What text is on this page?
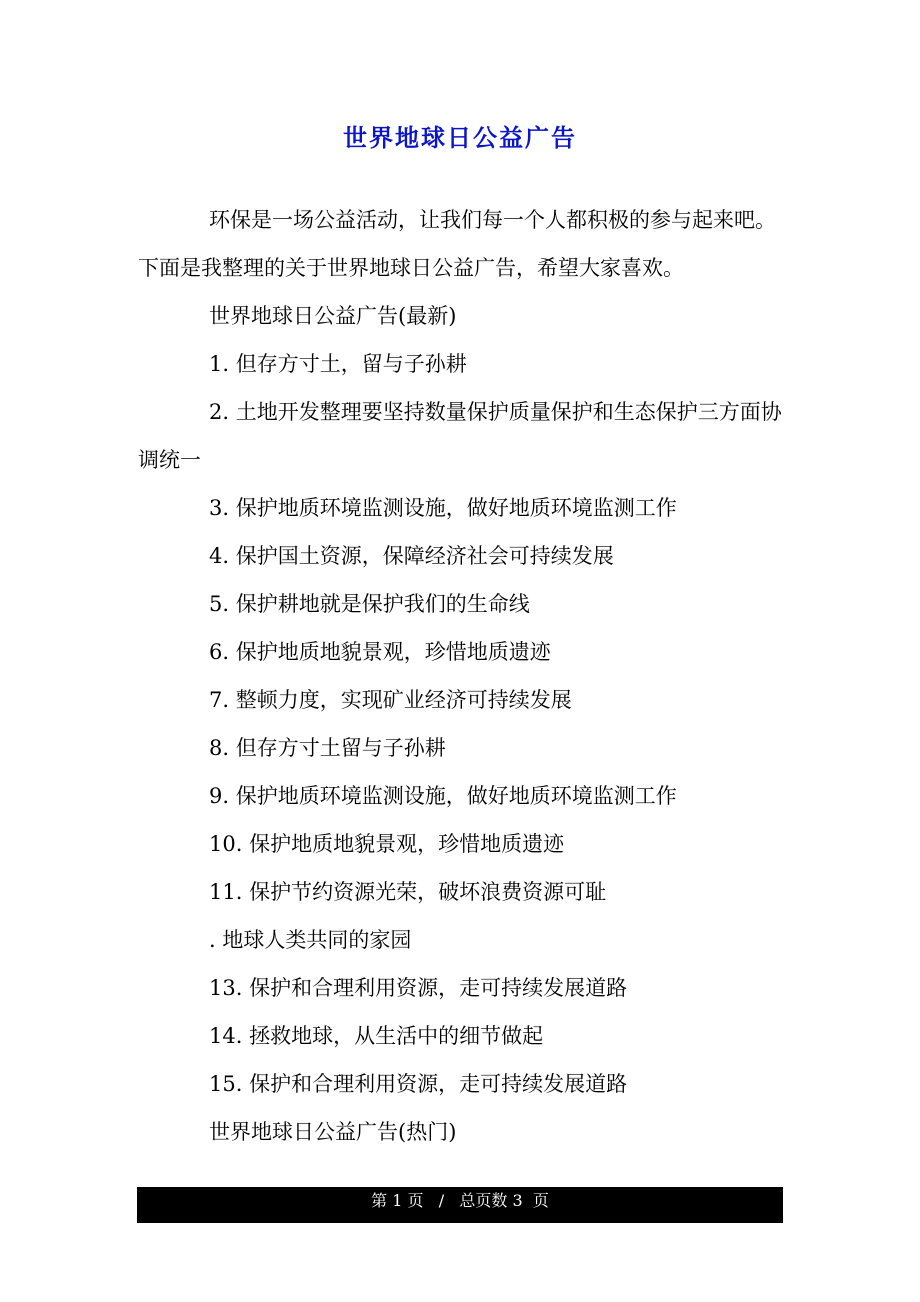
世界地球日公益广告

环保是一场公益活动，让我们每一个人都积极的参与起来吧。下面是我整理的关于世界地球日公益广告，希望大家喜欢。

世界地球日公益广告(最新)

1. 但存方寸土，留与子孙耕

2. 土地开发整理要坚持数量保护质量保护和生态保护三方面协调统一

3. 保护地质环境监测设施，做好地质环境监测工作

4. 保护国土资源，保障经济社会可持续发展

5. 保护耕地就是保护我们的生命线

6. 保护地质地貌景观，珍惜地质遗迹

7. 整顿力度，实现矿业经济可持续发展

8. 但存方寸土留与子孙耕

9. 保护地质环境监测设施，做好地质环境监测工作

10. 保护地质地貌景观，珍惜地质遗迹

11. 保护节约资源光荣，破坏浪费资源可耻

. 地球人类共同的家园

13. 保护和合理利用资源，走可持续发展道路

14. 拯救地球，从生活中的细节做起

15. 保护和合理利用资源，走可持续发展道路

世界地球日公益广告(热门)

第 1 页   /   总页数 3  页
